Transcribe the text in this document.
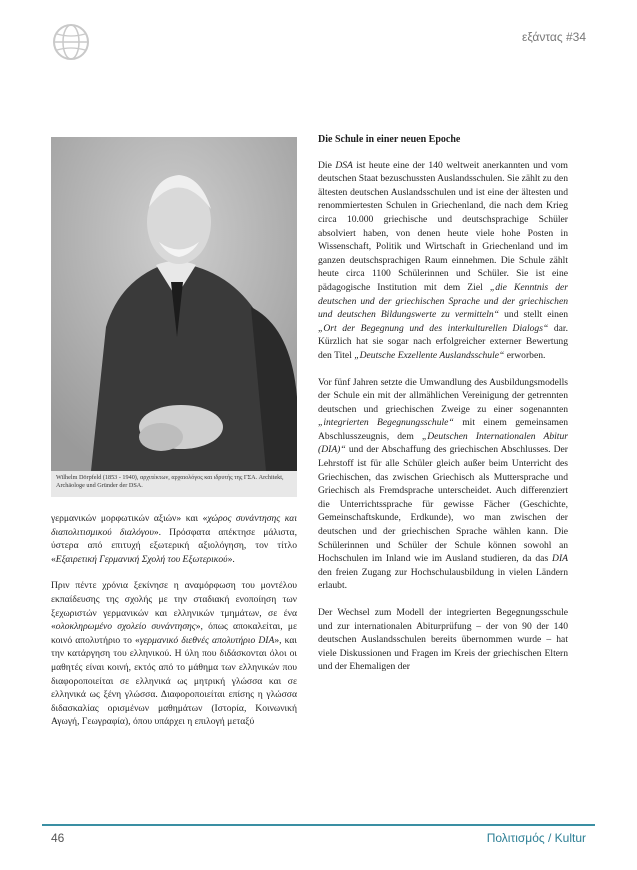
εξάντας #34
Wilhelm Dörpfeld (1853 - 1940), αρχιτέκτων, αρχαιολόγος και ιδρυτής της ΓΣΑ. Architekt, Archäologe und Gründer der DSA.

γερμανικών μορφωτικών αξιών» και «χώρος συνάντησης και διαπολιτισμικού διαλόγου». Πρόσφατα απέκτησε μάλιστα, ύστερα από επιτυχή εξωτερική αξιολόγηση, τον τίτλο «Εξαιρετική Γερμανική Σχολή του Εξωτερικού».

Πριν πέντε χρόνια ξεκίνησε η αναμόρφωση του μοντέλου εκπαίδευσης της σχολής με την σταδιακή ενοποίηση των ξεχωριστών γερμανικών και ελληνικών τμημάτων, σε ένα «ολοκληρωμένο σχολείο συνάντησης», όπως αποκαλείται, με κοινό απολυτήριο το «γερμανικό διεθνές απολυτήριο DIA», και την κατάργηση του ελληνικού. Η ύλη που διδάσκονται όλοι οι μαθητές είναι κοινή, εκτός από το μάθημα των ελληνικών που διαφοροποιείται σε ελληνικά ως μητρική γλώσσα και σε ελληνικά ως ξένη γλώσσα. Διαφοροποιείται επίσης η γλώσσα διδασκαλίας ορισμένων μαθημάτων (Ιστορία, Κοινωνική Αγωγή, Γεωγραφία), όπου υπάρχει η επιλογή μεταξύ

Die Schule in einer neuen Epoche

Die DSA ist heute eine der 140 weltweit anerkannten und vom deutschen Staat bezuschussten Auslandsschulen. Sie zählt zu den ältesten deutschen Auslandsschulen und ist eine der ältesten und renommiertesten Schulen in Griechenland, die nach dem Krieg circa 10.000 griechische und deutschsprachige Schüler absolviert haben, von denen heute viele hohe Posten in Wissenschaft, Politik und Wirtschaft in Griechenland und im ganzen deutschsprachigen Raum einnehmen. Die Schule zählt heute circa 1100 Schülerinnen und Schüler. Sie ist eine pädagogische Institution mit dem Ziel „die Kenntnis der deutschen und der griechischen Sprache und der griechischen und deutschen Bildungswerte zu vermitteln“ und stellt einen „Ort der Begegnung und des interkulturellen Dialogs“ dar. Kürzlich hat sie sogar nach erfolgreicher externer Bewertung den Titel „Deutsche Exzellente Auslandsschule“ erworben.

Vor fünf Jahren setzte die Umwandlung des Ausbildungsmodells der Schule ein mit der allmählichen Vereinigung der getrennten deutschen und griechischen Zweige zu einer sogenannten „integrierten Begegnungsschule“ mit einem gemeinsamen Abschlusszeugnis, dem „Deutschen Internationalen Abitur (DIA)“ und der Abschaffung des griechischen Abschlusses. Der Lehrstoff ist für alle Schüler gleich außer beim Unterricht des Griechischen, das zwischen Griechisch als Muttersprache und Griechisch als Fremdsprache unterscheidet. Auch differenziert die Unterrichtssprache für gewisse Fächer (Geschichte, Gemeinschaftskunde, Erdkunde), wo man zwischen der deutschen und der griechischen Sprache wählen kann. Die Schülerinnen und Schüler der Schule können sowohl an Hochschulen im Inland wie im Ausland studieren, da das DIA den freien Zugang zur Hochschulausbildung in vielen Ländern erlaubt.

Der Wechsel zum Modell der integrierten Begegnungsschule und zur internationalen Abiturprüfung – der von 90 der 140 deutschen Auslandsschulen bereits übernommen wurde – hat viele Diskussionen und Fragen im Kreis der griechischen Eltern und der Ehemaligen der

46	Πολιτισμός / Kultur
